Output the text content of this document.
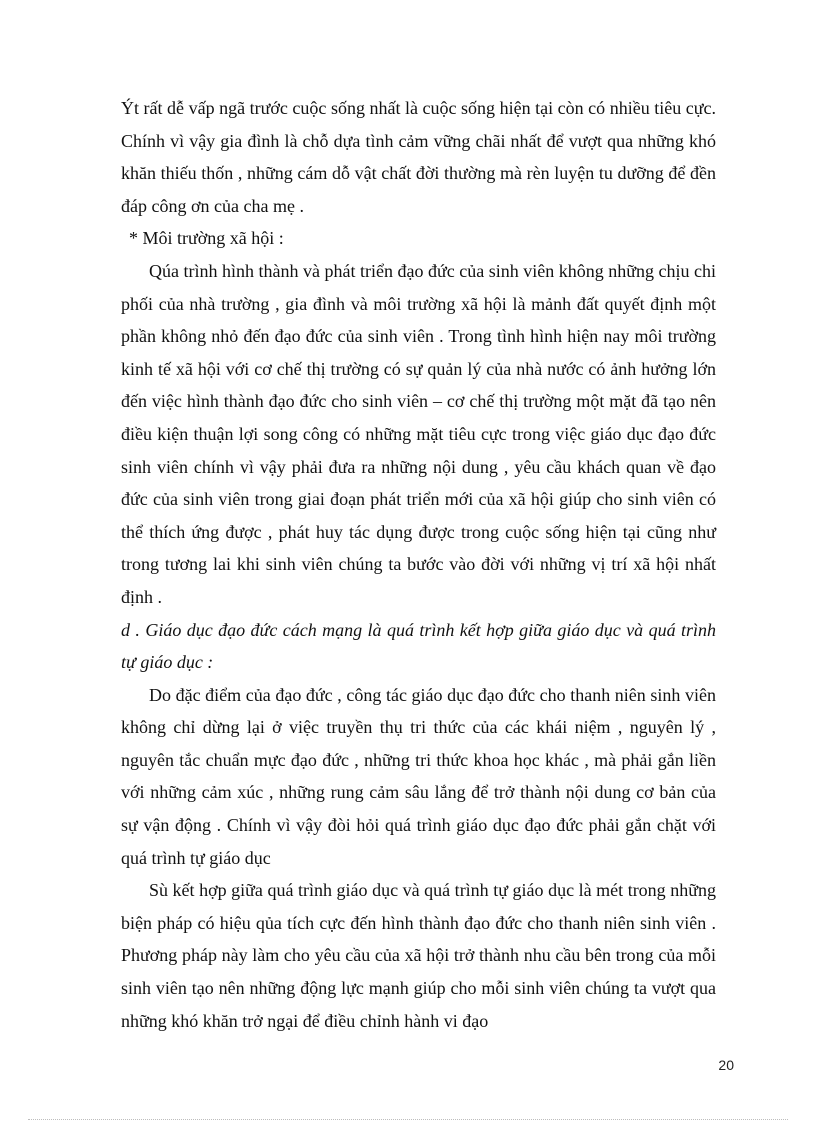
Ýt rất dễ vấp ngã trước cuộc sống nhất là cuộc sống hiện tại còn có nhiều tiêu cực. Chính vì vậy gia đình là chỗ dựa tình cảm vững chãi nhất để vượt qua những khó khăn thiếu thốn , những cám dỗ vật chất đời thường mà rèn luyện tu dưỡng để đền đáp công ơn của cha mẹ .

* Môi trường xã hội :

Qúa trình hình thành và phát triển đạo đức của sinh viên không những chịu chi phối của nhà trường , gia đình và môi trường xã hội là mảnh đất quyết định một phần không nhỏ đến đạo đức của sinh viên . Trong tình hình hiện nay môi trường kinh tế xã hội với cơ chế thị trường có sự quản lý của nhà nước có ảnh hưởng lớn đến việc hình thành đạo đức cho sinh viên – cơ chế thị trường một mặt đã tạo nên điều kiện thuận lợi song công có những mặt tiêu cực trong việc giáo dục đạo đức sinh viên chính vì vậy phải đưa ra những nội dung , yêu cầu khách quan về đạo đức của sinh viên trong giai đoạn phát triển mới của xã hội giúp cho sinh viên có thể thích ứng được , phát huy tác dụng được trong cuộc sống hiện tại cũng như trong tương lai khi sinh viên chúng ta bước vào đời với những vị trí xã hội nhất định .

d . Giáo dục đạo đức cách mạng là quá trình kết hợp giữa giáo dục và quá trình tự giáo dục :

Do đặc điểm của đạo đức , công tác giáo dục đạo đức cho thanh niên sinh viên không chỉ dừng lại ở việc truyền thụ tri thức của các khái niệm , nguyên lý , nguyên tắc chuẩn mực đạo đức , những tri thức khoa học khác , mà phải gắn liền với những cảm xúc , những rung cảm sâu lắng để trở thành nội dung cơ bản của sự vận động . Chính vì vậy đòi hỏi quá trình giáo dục đạo đức phải gắn chặt với quá trình tự giáo dục

Sù kết hợp giữa quá trình giáo dục và quá trình tự giáo dục là mét trong những biện pháp có hiệu qủa tích cực đến hình thành đạo đức cho thanh niên sinh viên . Phương pháp này làm cho yêu cầu của xã hội trở thành nhu cầu bên trong của mỗi sinh viên tạo nên những động lực mạnh giúp cho mỗi sinh viên chúng ta vượt qua những khó khăn trở ngại để điều chỉnh hành vi đạo

20
